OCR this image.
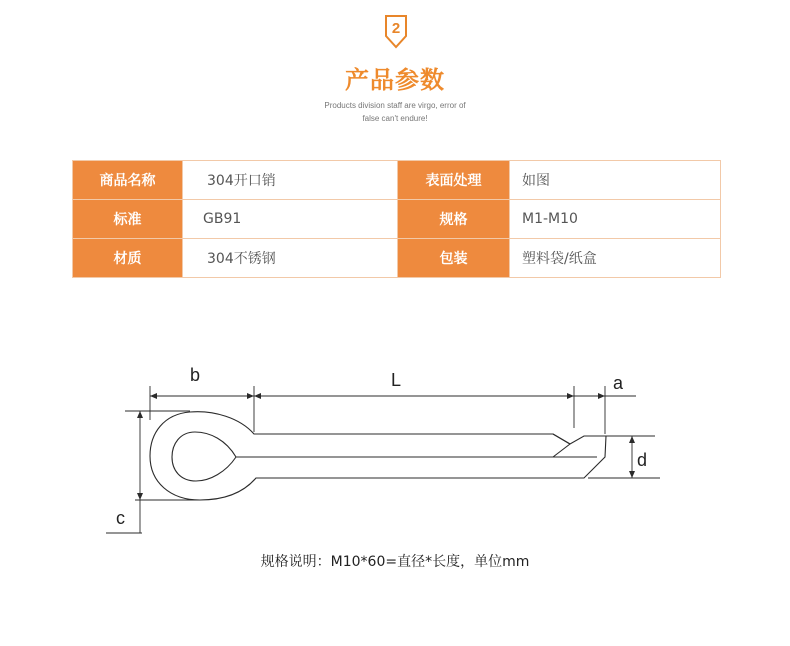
2
产品参数
Products division staff are virgo, error of
false can't endure!
商品名称	304开口销	表面处理	如图
标准	GB91	规格	M1-M10
材质	304不锈钢	包装	塑料袋/纸盒
b	L	a
d
c
规格说明：M10*60=直径*长度，单位mm
